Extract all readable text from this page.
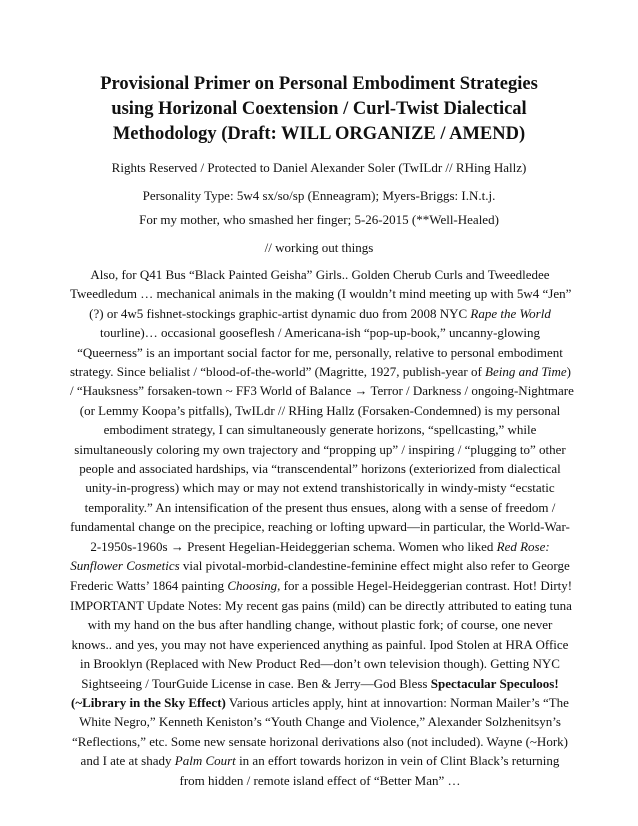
Provisional Primer on Personal Embodiment Strategies
using Horizonal Coextension / Curl-Twist Dialectical
Methodology (Draft: WILL ORGANIZE / AMEND)
Rights Reserved / Protected to Daniel Alexander Soler (TwILdr // RHing Hallz)
Personality Type: 5w4 sx/so/sp (Enneagram); Myers-Briggs: I.N.t.j.
For my mother, who smashed her finger; 5-26-2015 (**Well-Healed)
// working out things
Also, for Q41 Bus “Black Painted Geisha” Girls.. Golden Cherub Curls and Tweedledee
Tweedledum … mechanical animals in the making (I wouldn’t mind meeting up with 5w4 “Jen”
(?) or 4w5 fishnet-stockings graphic-artist dynamic duo from 2008 NYC Rape the World
tourline)… occasional gooseflesh / Americana-ish “pop-up-book,” uncanny-glowing
“Queerness” is an important social factor for me, personally, relative to personal embodiment
strategy. Since belialist / “blood-of-the-world” (Magritte, 1927, publish-year of Being and Time)
/ “Hauksness” forsaken-town ~ FF3 World of Balance → Terror / Darkness / ongoing-Nightmare
(or Lemmy Koopa’s pitfalls), TwILdr // RHing Hallz (Forsaken-Condemned) is my personal
embodiment strategy, I can simultaneously generate horizons, “spellcasting,” while
simultaneously coloring my own trajectory and “propping up” / inspiring / “plugging to” other
people and associated hardships, via “transcendental” horizons (exteriorized from dialectical
unity-in-progress) which may or may not extend transhistorically in windy-misty “ecstatic
temporality.” An intensification of the present thus ensues, along with a sense of freedom /
fundamental change on the precipice, reaching or lofting upward—in particular, the World-War-
2-1950s-1960s → Present Hegelian-Heideggerian schema. Women who liked Red Rose:
Sunflower Cosmetics vial pivotal-morbid-clandestine-feminine effect might also refer to George
Frederic Watts’ 1864 painting Choosing, for a possible Hegel-Heideggerian contrast. Hot! Dirty!
IMPORTANT Update Notes: My recent gas pains (mild) can be directly attributed to eating tuna
with my hand on the bus after handling change, without plastic fork; of course, one never
knows.. and yes, you may not have experienced anything as painful. Ipod Stolen at HRA Office
in Brooklyn (Replaced with New Product Red—don’t own television though). Getting NYC
Sightseeing / TourGuide License in case. Ben & Jerry—God Bless Spectacular Speculoos!
(~Library in the Sky Effect) Various articles apply, hint at innovartion: Norman Mailer’s “The
White Negro,” Kenneth Keniston’s “Youth Change and Violence,” Alexander Solzhenitsyn’s
“Reflections,” etc. Some new sensate horizonal derivations also (not included). Wayne (~Hork)
and I ate at shady Palm Court in an effort towards horizon in vein of Clint Black’s returning
from hidden / remote island effect of “Better Man” …
